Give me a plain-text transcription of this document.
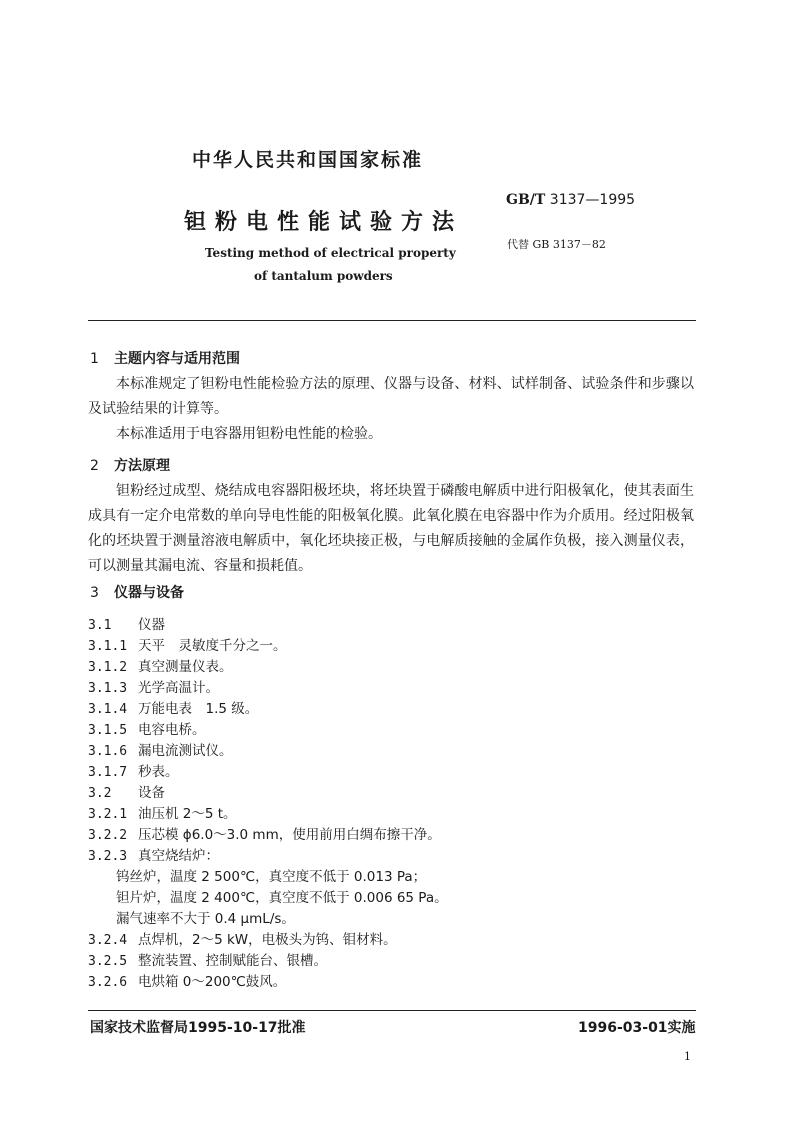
中华人民共和国国家标准
钽粉电性能试验方法
Testing method of electrical property
of tantalum powders
GB/T 3137—1995
代替 GB 3137－82
1 主题内容与适用范围

本标准规定了钽粉电性能检验方法的原理、仪器与设备、材料、试样制备、试验条件和步骤以及试验结果的计算等。

本标准适用于电容器用钽粉电性能的检验。

2 方法原理

钽粉经过成型、烧结成电容器阳极坯块，将坯块置于磷酸电解质中进行阳极氧化，使其表面生成具有一定介电常数的单向导电性能的阳极氧化膜。此氧化膜在电容器中作为介质用。经过阳极氧化的坯块置于测量溶液电解质中，氧化坯块接正极，与电解质接触的金属作负极，接入测量仪表，可以测量其漏电流、容量和损耗值。

3 仪器与设备
3.1 仪器
3.1.1 天平　灵敏度千分之一。
3.1.2 真空测量仪表。
3.1.3 光学高温计。
3.1.4 万能电表　1.5 级。
3.1.5 电容电桥。
3.1.6 漏电流测试仪。
3.1.7 秒表。
3.2 设备
3.2.1 油压机 2～5 t。
3.2.2 压芯模 ϕ6.0～3.0 mm，使用前用白绸布擦干净。
3.2.3 真空烧结炉：
钨丝炉，温度 2 500℃，真空度不低于 0.013 Pa；
钽片炉，温度 2 400℃，真空度不低于 0.006 65 Pa。
漏气速率不大于 0.4 μmL/s。
3.2.4 点焊机，2～5 kW，电极头为钨、钼材料。
3.2.5 整流装置、控制赋能台、银槽。
国家技术监督局1995-10-17批准	1996-03-01实施
1
3.2.6 电烘箱 0～200℃鼓风。
